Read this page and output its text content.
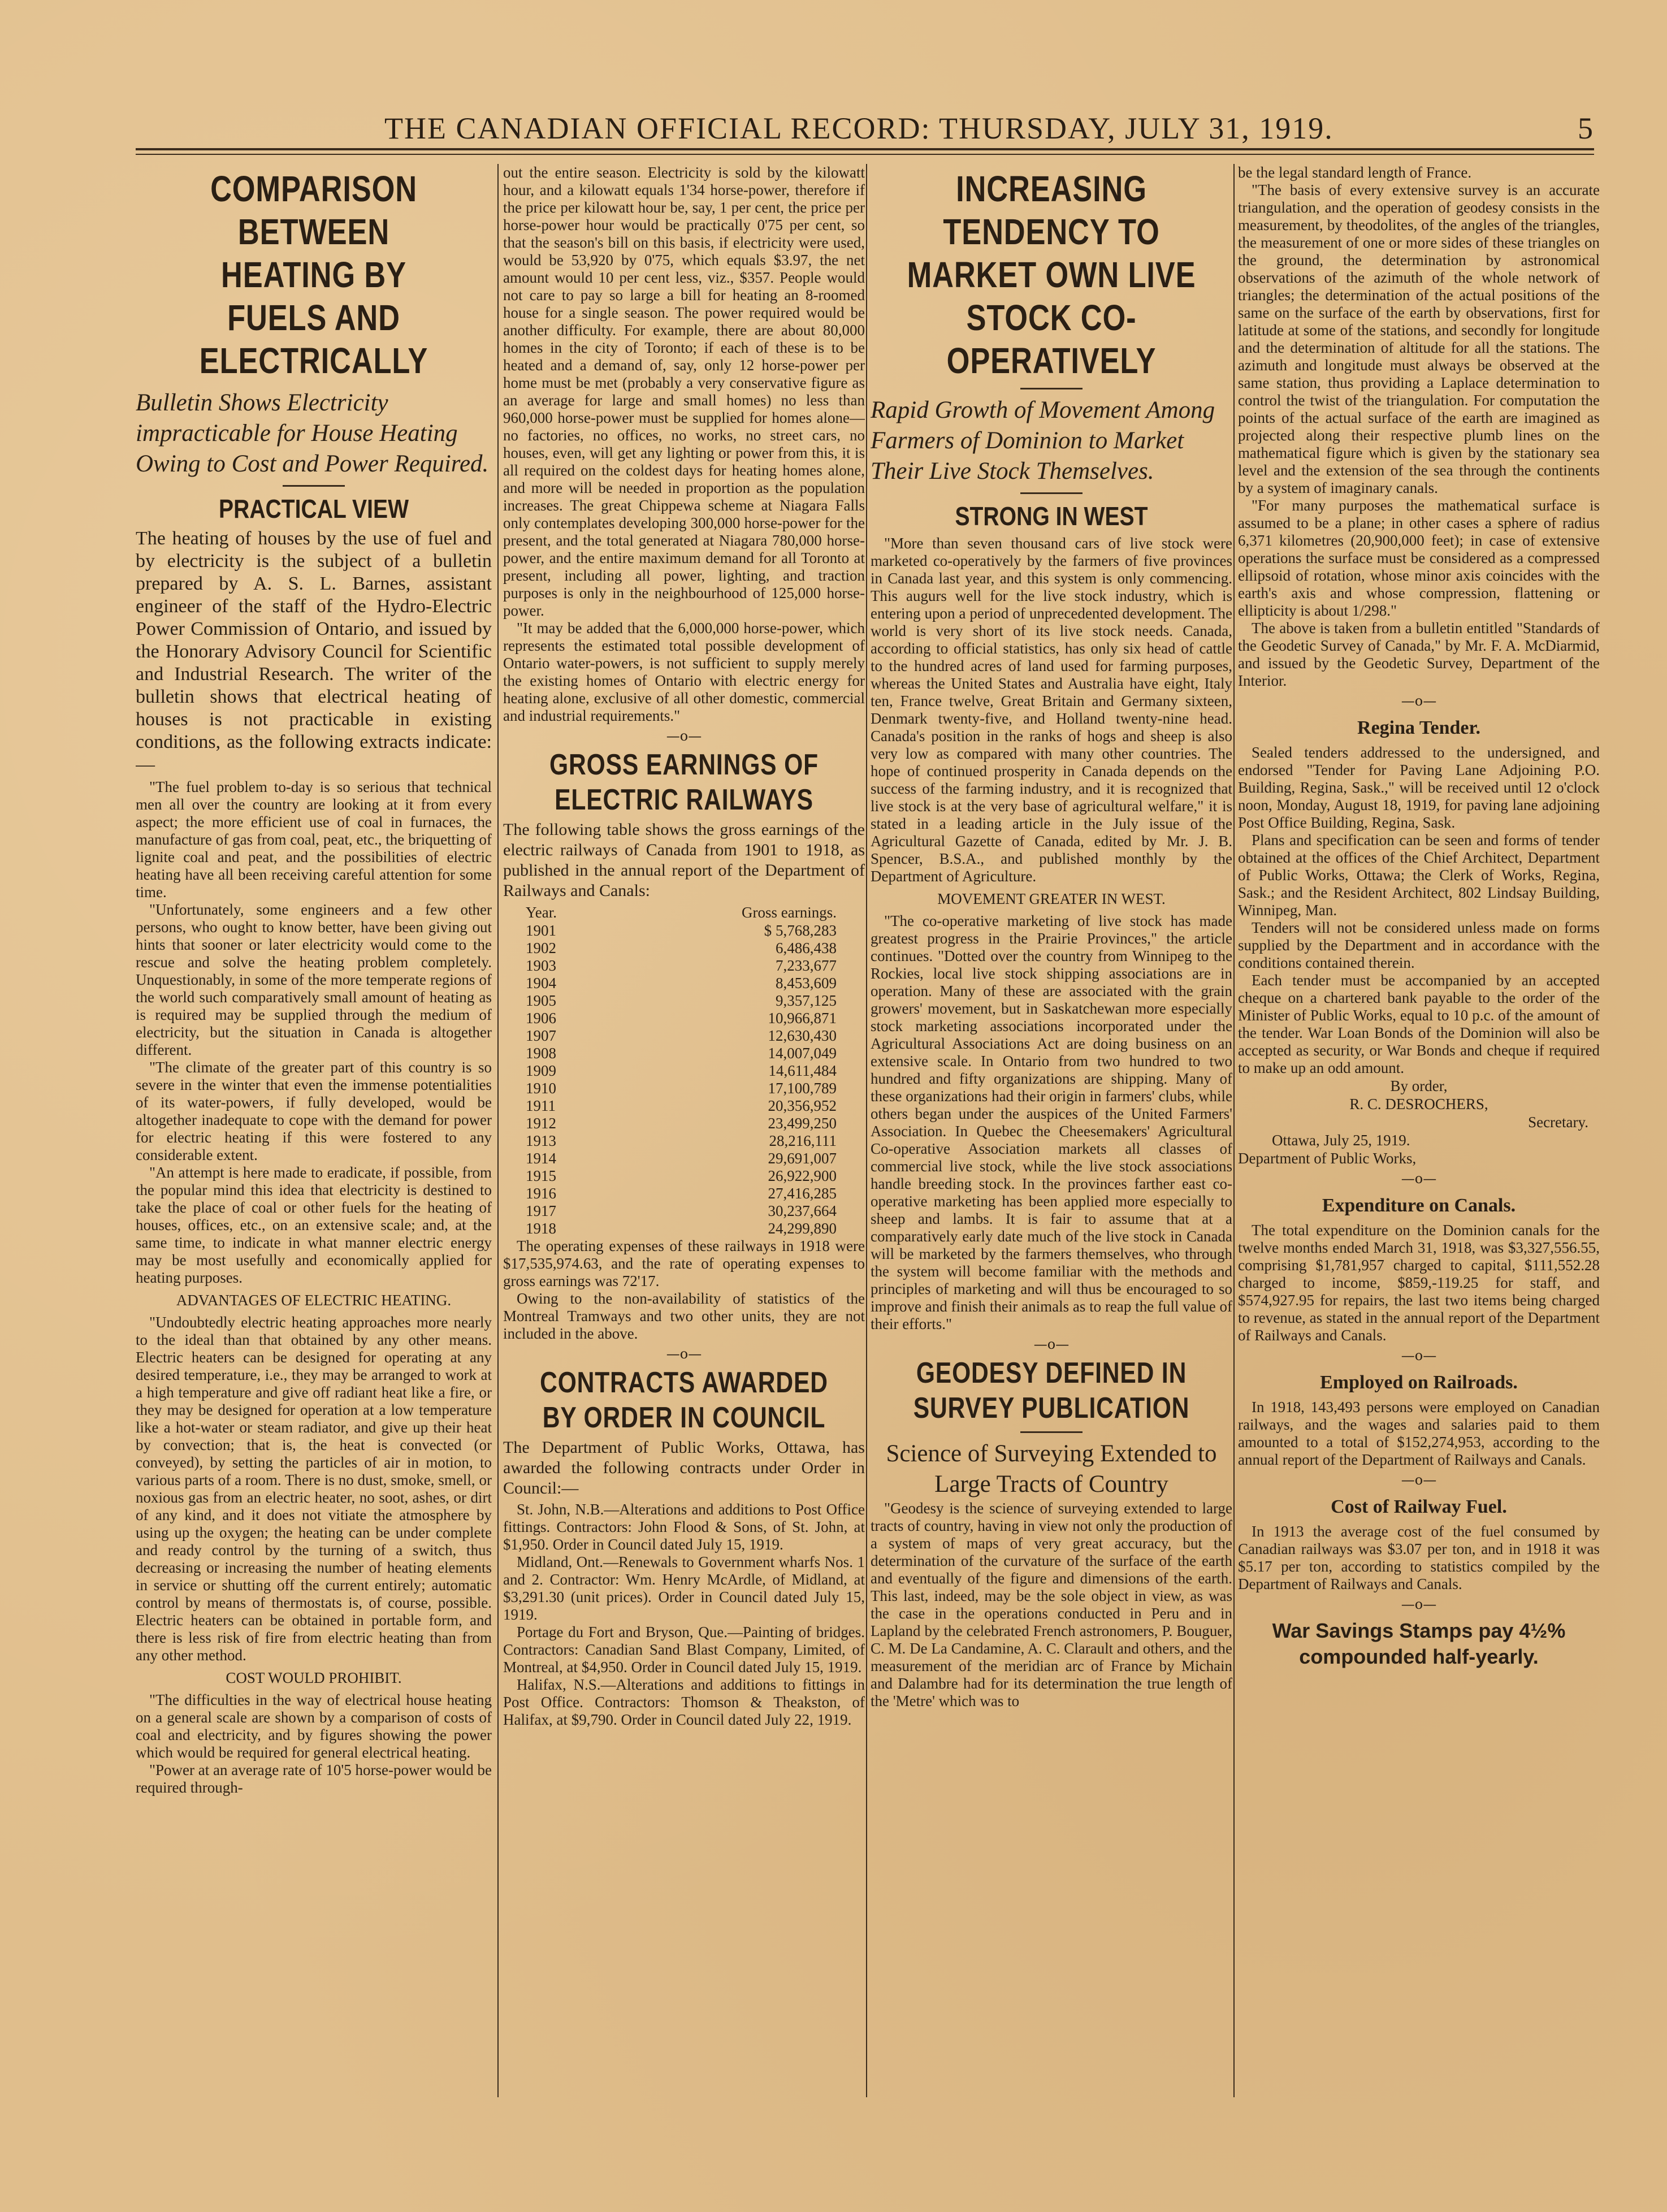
THE CANADIAN OFFICIAL RECORD: THURSDAY, JULY 31, 1919.	5
COMPARISON BETWEEN HEATING BY FUELS AND ELECTRICALLY
Bulletin Shows Electricity impracticable for House Heating Owing to Cost and Power Required.
PRACTICAL VIEW

The heating of houses by the use of fuel and by electricity is the subject of a bulletin prepared by A. S. L. Barnes, assistant engineer of the staff of the Hydro-Electric Power Commission of Ontario, and issued by the Honorary Advisory Council for Scientific and Industrial Research. The writer of the bulletin shows that electrical heating of houses is not practicable in existing conditions, as the following extracts indicate:—

"The fuel problem to-day is so serious that technical men all over the country are looking at it from every aspect; the more efficient use of coal in furnaces, the manufacture of gas from coal, peat, etc., the briquetting of lignite coal and peat, and the possibilities of electric heating have all been receiving careful attention for some time.

"Unfortunately, some engineers and a few other persons, who ought to know better, have been giving out hints that sooner or later electricity would come to the rescue and solve the heating problem completely. Unquestionably, in some of the more temperate regions of the world such comparatively small amount of heating as is required may be supplied through the medium of electricity, but the situation in Canada is altogether different.

"The climate of the greater part of this country is so severe in the winter that even the immense potentialities of its water-powers, if fully developed, would be altogether inadequate to cope with the demand for power for electric heating if this were fostered to any considerable extent.

"An attempt is here made to eradicate, if possible, from the popular mind this idea that electricity is destined to take the place of coal or other fuels for the heating of houses, offices, etc., on an extensive scale; and, at the same time, to indicate in what manner electric energy may be most usefully and economically applied for heating purposes.

ADVANTAGES OF ELECTRIC HEATING.

"Undoubtedly electric heating approaches more nearly to the ideal than that obtained by any other means. Electric heaters can be designed for operating at any desired temperature, i.e., they may be arranged to work at a high temperature and give off radiant heat like a fire, or they may be designed for operation at a low temperature like a hot-water or steam radiator, and give up their heat by convection; that is, the heat is convected (or conveyed), by setting the particles of air in motion, to various parts of a room. There is no dust, smoke, smell, or noxious gas from an electric heater, no soot, ashes, or dirt of any kind, and it does not vitiate the atmosphere by using up the oxygen; the heating can be under complete and ready control by the turning of a switch, thus decreasing or increasing the number of heating elements in service or shutting off the current entirely; automatic control by means of thermostats is, of course, possible. Electric heaters can be obtained in portable form, and there is less risk of fire from electric heating than from any other method.

COST WOULD PROHIBIT.

"The difficulties in the way of electrical house heating on a general scale are shown by a comparison of costs of coal and electricity, and by figures showing the power which would be required for general electrical heating.

"Power at an average rate of 10'5 horse-power would be required through-

out the entire season. Electricity is sold by the kilowatt hour, and a kilowatt equals 1'34 horse-power, therefore if the price per kilowatt hour be, say, 1 per cent, the price per horse-power hour would be practically 0'75 per cent, so that the season's bill on this basis, if electricity were used, would be 53,920 by 0'75, which equals $3.97, the net amount would 10 per cent less, viz., $357. People would not care to pay so large a bill for heating an 8-roomed house for a single season. The power required would be another difficulty. For example, there are about 80,000 homes in the city of Toronto; if each of these is to be heated and a demand of, say, only 12 horse-power per home must be met (probably a very conservative figure as an average for large and small homes) no less than 960,000 horse-power must be supplied for homes alone—no factories, no offices, no works, no street cars, no houses, even, will get any lighting or power from this, it is all required on the coldest days for heating homes alone, and more will be needed in proportion as the population increases. The great Chippewa scheme at Niagara Falls only contemplates developing 300,000 horse-power for the present, and the total generated at Niagara 780,000 horse-power, and the entire maximum demand for all Toronto at present, including all power, lighting, and traction purposes is only in the neighbourhood of 125,000 horse-power.

"It may be added that the 6,000,000 horse-power, which represents the estimated total possible development of Ontario water-powers, is not sufficient to supply merely the existing homes of Ontario with electric energy for heating alone, exclusive of all other domestic, commercial and industrial requirements."

—o—
GROSS EARNINGS OF ELECTRIC RAILWAYS

The following table shows the gross earnings of the electric railways of Canada from 1901 to 1918, as published in the annual report of the Department of Railways and Canals:

Year.	Gross earnings.
1901	$ 5,768,283
1902	6,486,438
1903	7,233,677
1904	8,453,609
1905	9,357,125
1906	10,966,871
1907	12,630,430
1908	14,007,049
1909	14,611,484
1910	17,100,789
1911	20,356,952
1912	23,499,250
1913	28,216,111
1914	29,691,007
1915	26,922,900
1916	27,416,285
1917	30,237,664
1918	24,299,890

The operating expenses of these railways in 1918 were $17,535,974.63, and the rate of operating expenses to gross earnings was 72'17.

Owing to the non-availability of statistics of the Montreal Tramways and two other units, they are not included in the above.

—o—
CONTRACTS AWARDED BY ORDER IN COUNCIL

The Department of Public Works, Ottawa, has awarded the following contracts under Order in Council:—

St. John, N.B.—Alterations and additions to Post Office fittings. Contractors: John Flood & Sons, of St. John, at $1,950. Order in Council dated July 15, 1919.

Midland, Ont.—Renewals to Government wharfs Nos. 1 and 2. Contractor: Wm. Henry McArdle, of Midland, at $3,291.30 (unit prices). Order in Council dated July 15, 1919.

Portage du Fort and Bryson, Que.—Painting of bridges. Contractors: Canadian Sand Blast Company, Limited, of Montreal, at $4,950. Order in Council dated July 15, 1919.

Halifax, N.S.—Alterations and additions to fittings in Post Office. Contractors: Thomson & Theakston, of Halifax, at $9,790. Order in Council dated July 22, 1919.

INCREASING TENDENCY TO MARKET OWN LIVE STOCK CO-OPERATIVELY
Rapid Growth of Movement Among Farmers of Dominion to Market Their Live Stock Themselves.
STRONG IN WEST

"More than seven thousand cars of live stock were marketed co-operatively by the farmers of five provinces in Canada last year, and this system is only commencing. This augurs well for the live stock industry, which is entering upon a period of unprecedented development. The world is very short of its live stock needs. Canada, according to official statistics, has only six head of cattle to the hundred acres of land used for farming purposes, whereas the United States and Australia have eight, Italy ten, France twelve, Great Britain and Germany sixteen, Denmark twenty-five, and Holland twenty-nine head. Canada's position in the ranks of hogs and sheep is also very low as compared with many other countries. The hope of continued prosperity in Canada depends on the success of the farming industry, and it is recognized that live stock is at the very base of agricultural welfare," it is stated in a leading article in the July issue of the Agricultural Gazette of Canada, edited by Mr. J. B. Spencer, B.S.A., and published monthly by the Department of Agriculture.

MOVEMENT GREATER IN WEST.

"The co-operative marketing of live stock has made greatest progress in the Prairie Provinces," the article continues. "Dotted over the country from Winnipeg to the Rockies, local live stock shipping associations are in operation. Many of these are associated with the grain growers' movement, but in Saskatchewan more especially stock marketing associations incorporated under the Agricultural Associations Act are doing business on an extensive scale. In Ontario from two hundred to two hundred and fifty organizations are shipping. Many of these organizations had their origin in farmers' clubs, while others began under the auspices of the United Farmers' Association. In Quebec the Cheesemakers' Agricultural Co-operative Association markets all classes of commercial live stock, while the live stock associations handle breeding stock. In the provinces farther east co-operative marketing has been applied more especially to sheep and lambs. It is fair to assume that at a comparatively early date much of the live stock in Canada will be marketed by the farmers themselves, who through the system will become familiar with the methods and principles of marketing and will thus be encouraged to so improve and finish their animals as to reap the full value of their efforts."

—o—
GEODESY DEFINED IN SURVEY PUBLICATION
Science of Surveying Extended to Large Tracts of Country

"Geodesy is the science of surveying extended to large tracts of country, having in view not only the production of a system of maps of very great accuracy, but the determination of the curvature of the surface of the earth and eventually of the figure and dimensions of the earth. This last, indeed, may be the sole object in view, as was the case in the operations conducted in Peru and in Lapland by the celebrated French astronomers, P. Bouguer, C. M. De La Candamine, A. C. Clarault and others, and the measurement of the meridian arc of France by Michain and Dalambre had for its determination the true length of the 'Metre' which was to

be the legal standard length of France.

"The basis of every extensive survey is an accurate triangulation, and the operation of geodesy consists in the measurement, by theodolites, of the angles of the triangles, the measurement of one or more sides of these triangles on the ground, the determination by astronomical observations of the azimuth of the whole network of triangles; the determination of the actual positions of the same on the surface of the earth by observations, first for latitude at some of the stations, and secondly for longitude and the determination of altitude for all the stations. The azimuth and longitude must always be observed at the same station, thus providing a Laplace determination to control the twist of the triangulation. For computation the points of the actual surface of the earth are imagined as projected along their respective plumb lines on the mathematical figure which is given by the stationary sea level and the extension of the sea through the continents by a system of imaginary canals.

"For many purposes the mathematical surface is assumed to be a plane; in other cases a sphere of radius 6,371 kilometres (20,900,000 feet); in case of extensive operations the surface must be considered as a compressed ellipsoid of rotation, whose minor axis coincides with the earth's axis and whose compression, flattening or ellipticity is about 1/298."

The above is taken from a bulletin entitled "Standards of the Geodetic Survey of Canada," by Mr. F. A. McDiarmid, and issued by the Geodetic Survey, Department of the Interior.

—o—
Regina Tender.

Sealed tenders addressed to the undersigned, and endorsed "Tender for Paving Lane Adjoining P.O. Building, Regina, Sask.," will be received until 12 o'clock noon, Monday, August 18, 1919, for paving lane adjoining Post Office Building, Regina, Sask.

Plans and specification can be seen and forms of tender obtained at the offices of the Chief Architect, Department of Public Works, Ottawa; the Clerk of Works, Regina, Sask.; and the Resident Architect, 802 Lindsay Building, Winnipeg, Man.

Tenders will not be considered unless made on forms supplied by the Department and in accordance with the conditions contained therein.

Each tender must be accompanied by an accepted cheque on a chartered bank payable to the order of the Minister of Public Works, equal to 10 p.c. of the amount of the tender. War Loan Bonds of the Dominion will also be accepted as security, or War Bonds and cheque if required to make up an odd amount.

By order,
R. C. DESROCHERS,
Secretary.
Ottawa, July 25, 1919.
Department of Public Works,
—o—
Expenditure on Canals.

The total expenditure on the Dominion canals for the twelve months ended March 31, 1918, was $3,327,556.55, comprising $1,781,957 charged to capital, $111,552.28 charged to income, $859,-119.25 for staff, and $574,927.95 for repairs, the last two items being charged to revenue, as stated in the annual report of the Department of Railways and Canals.

—o—
Employed on Railroads.

In 1918, 143,493 persons were employed on Canadian railways, and the wages and salaries paid to them amounted to a total of $152,274,953, according to the annual report of the Department of Railways and Canals.

—o—
Cost of Railway Fuel.

In 1913 the average cost of the fuel consumed by Canadian railways was $3.07 per ton, and in 1918 it was $5.17 per ton, according to statistics compiled by the Department of Railways and Canals.

—o—
War Savings Stamps pay 4½% compounded half-yearly.
